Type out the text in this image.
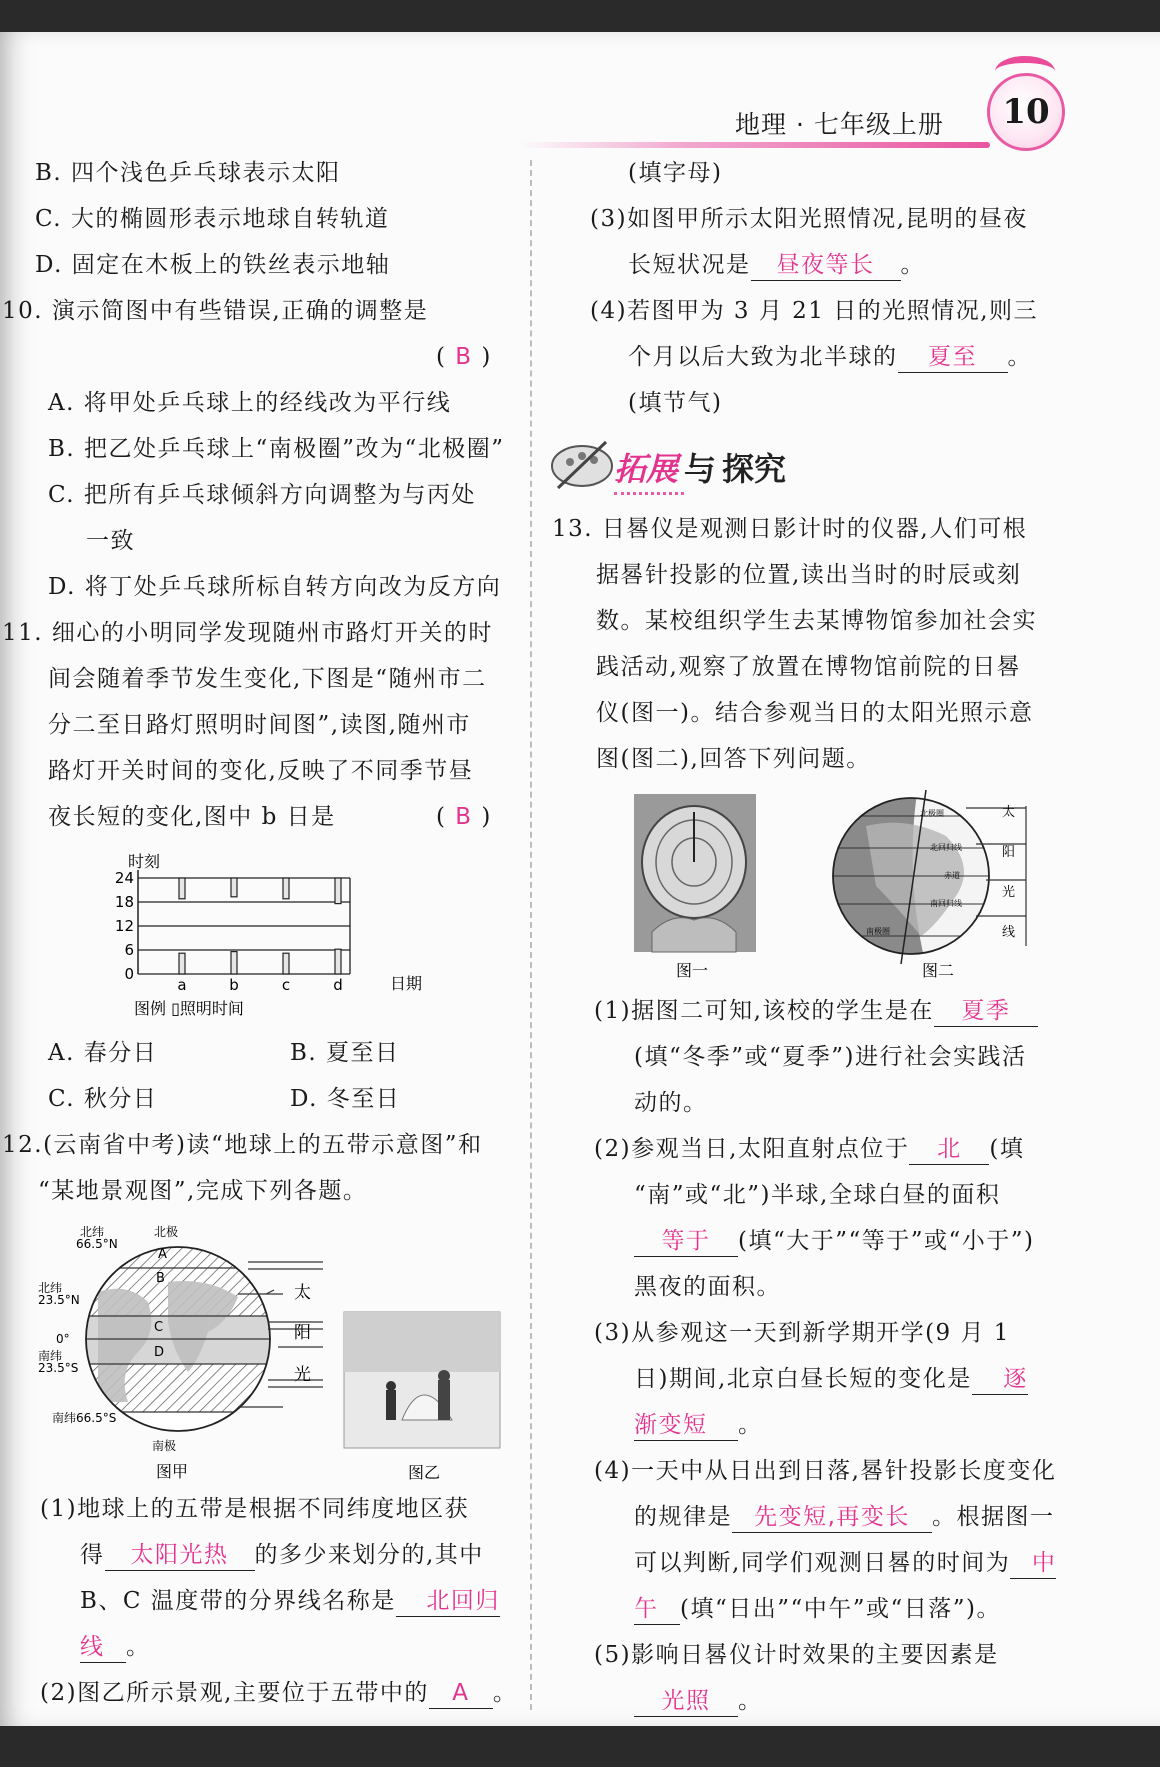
地理 · 七年级上册 10
B. 四个浅色乒乓球表示太阳
C. 大的椭圆形表示地球自转轨道
D. 固定在木板上的铁丝表示地轴
10. 演示简图中有些错误,正确的调整是
( B )
A. 将甲处乒乓球上的经线改为平行线
B. 把乙处乒乓球上“南极圈”改为“北极圈”
C. 把所有乒乓球倾斜方向调整为与丙处
一致
D. 将丁处乒乓球所标自转方向改为反方向
11. 细心的小明同学发现随州市路灯开关的时
间会随着季节发生变化,下图是“随州市二
分二至日路灯照明时间图”,读图,随州市
路灯开关时间的变化,反映了不同季节昼
夜长短的变化,图中 b 日是	( B )
时刻
24
18
12
6
0
a	b	c	d	日期
图例 ▯照明时间
A. 春分日	B. 夏至日
C. 秋分日	D. 冬至日
12.(云南省中考)读“地球上的五带示意图”和
“某地景观图”,完成下列各题。
北纬
66.5°N
北极
北纬
23.5°N
0°
南纬
23.5°S
南纬66.5°S
南极
A
B
C
D
太
阳
光
图甲	图乙
(1)地球上的五带是根据不同纬度地区获
得 太阳光热 的多少来划分的,其中
B、C 温度带的分界线名称是 北回归
线 。
(2)图乙所示景观,主要位于五带中的 A 。
(填字母)
(3)如图甲所示太阳光照情况,昆明的昼夜
长短状况是 昼夜等长 。
(4)若图甲为 3 月 21 日的光照情况,则三
个月以后大致为北半球的 夏至 。
(填节气)
拓展 与 探究
13. 日晷仪是观测日影计时的仪器,人们可根
据晷针投影的位置,读出当时的时辰或刻
数。某校组织学生去某博物馆参加社会实
践活动,观察了放置在博物馆前院的日晷
仪(图一)。结合参观当日的太阳光照示意
图(图二),回答下列问题。
图一
北极圈
北回归线
赤道
南回归线
南极圈
太
阳
光
线
图二
(1)据图二可知,该校的学生是在 夏季
(填“冬季”或“夏季”)进行社会实践活
动的。
(2)参观当日,太阳直射点位于 北 (填
“南”或“北”)半球,全球白昼的面积
等于 (填“大于”“等于”或“小于”)
黑夜的面积。
(3)从参观这一天到新学期开学(9 月 1
日)期间,北京白昼长短的变化是 逐
渐变短 。
(4)一天中从日出到日落,晷针投影长度变化
的规律是 先变短,再变长 。根据图一
可以判断,同学们观测日晷的时间为 中
午 (填“日出”“中午”或“日落”)。
(5)影响日晷仪计时效果的主要因素是
光照 。
